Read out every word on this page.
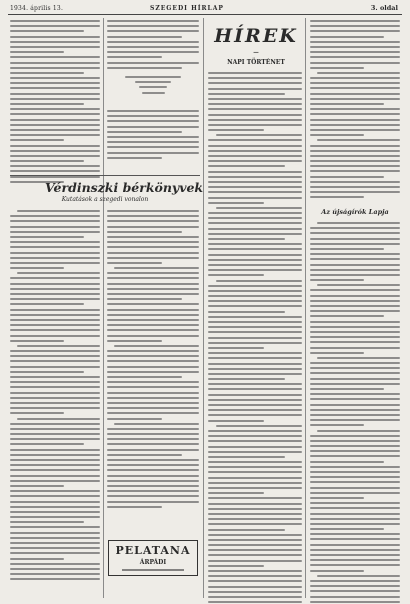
1934. április 13.	SZEGEDI HÍRLAP	3. oldal
Vérdinszki bérkönyvek
Kutatások a szegedi vonalon
PELATANA
ÁRPÁDI
HÍREK
—
NAPI TÖRTÉNET
Az újságírók Lapja
